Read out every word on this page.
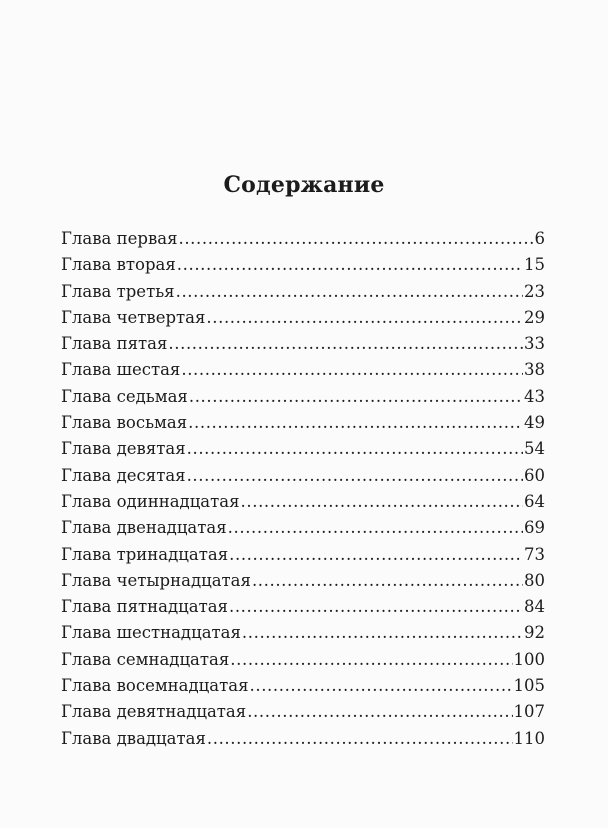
Содержание
Глава первая .....	6
Глава вторая .....	15
Глава третья .....	23
Глава четвертая .....	29
Глава пятая .....	33
Глава шестая .....	38
Глава седьмая .....	43
Глава восьмая .....	49
Глава девятая .....	54
Глава десятая .....	60
Глава одиннадцатая .....	64
Глава двенадцатая .....	69
Глава тринадцатая .....	73
Глава четырнадцатая .....	80
Глава пятнадцатая .....	84
Глава шестнадцатая .....	92
Глава семнадцатая .....	100
Глава восемнадцатая .....	105
Глава девятнадцатая .....	107
Глава двадцатая .....	110
